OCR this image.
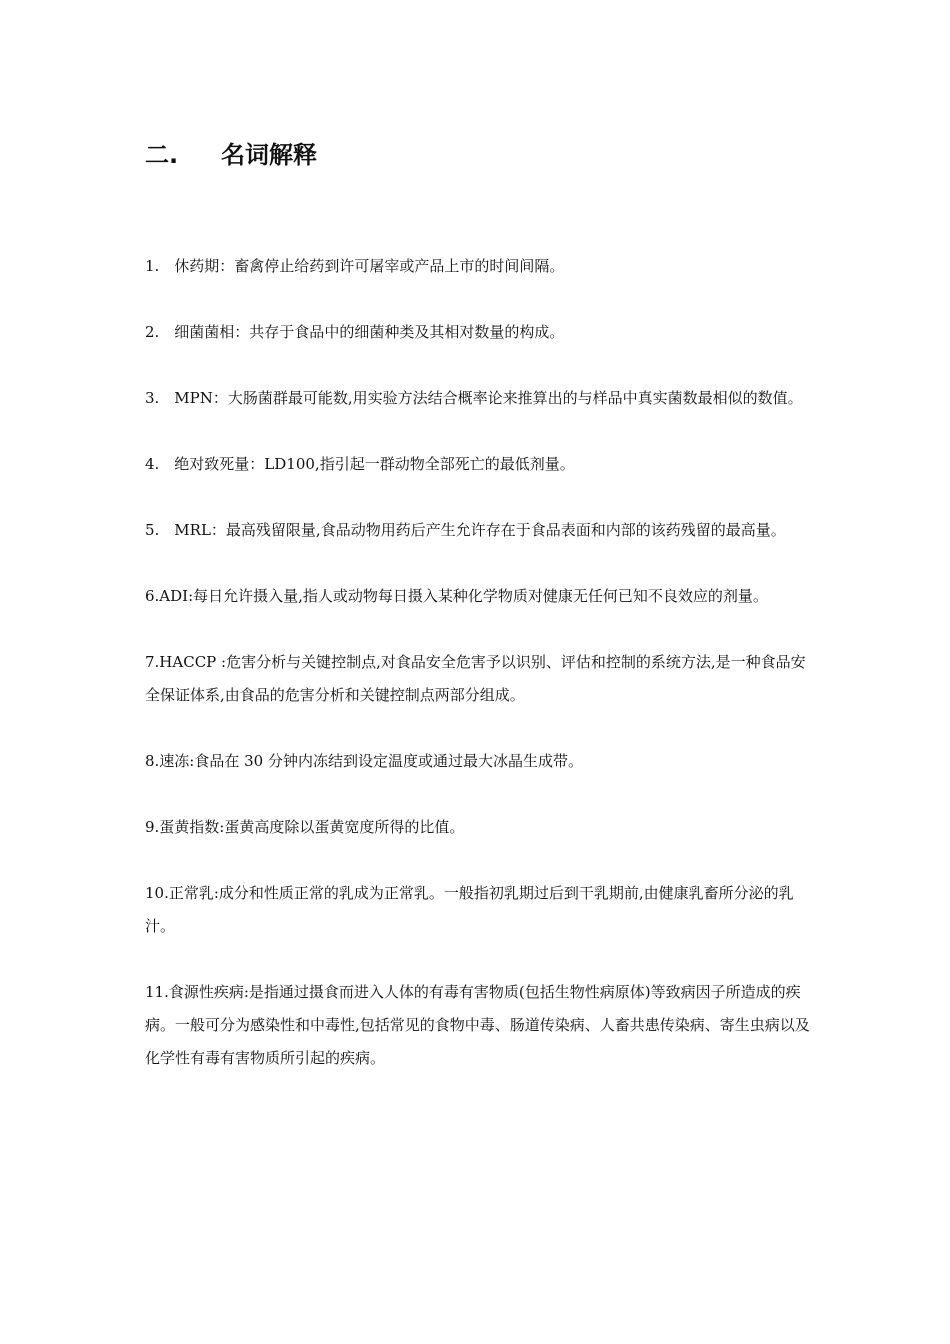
二. 名词解释

1. 休药期：畜禽停止给药到许可屠宰或产品上市的时间间隔。

2. 细菌菌相：共存于食品中的细菌种类及其相对数量的构成。

3. MPN：大肠菌群最可能数,用实验方法结合概率论来推算出的与样品中真实菌数最相似的数值。

4. 绝对致死量：LD100,指引起一群动物全部死亡的最低剂量。

5. MRL：最高残留限量,食品动物用药后产生允许存在于食品表面和内部的该药残留的最高量。

6.ADI:每日允许摄入量,指人或动物每日摄入某种化学物质对健康无任何已知不良效应的剂量。

7.HACCP :危害分析与关键控制点,对食品安全危害予以识别、评估和控制的系统方法,是一种食品安全保证体系,由食品的危害分析和关键控制点两部分组成。

8.速冻:食品在 30 分钟内冻结到设定温度或通过最大冰晶生成带。

9.蛋黄指数:蛋黄高度除以蛋黄宽度所得的比值。

10.正常乳:成分和性质正常的乳成为正常乳。一般指初乳期过后到干乳期前,由健康乳畜所分泌的乳汁。

11.食源性疾病:是指通过摄食而进入人体的有毒有害物质(包括生物性病原体)等致病因子所造成的疾病。一般可分为感染性和中毒性,包括常见的食物中毒、肠道传染病、人畜共患传染病、寄生虫病以及化学性有毒有害物质所引起的疾病。
